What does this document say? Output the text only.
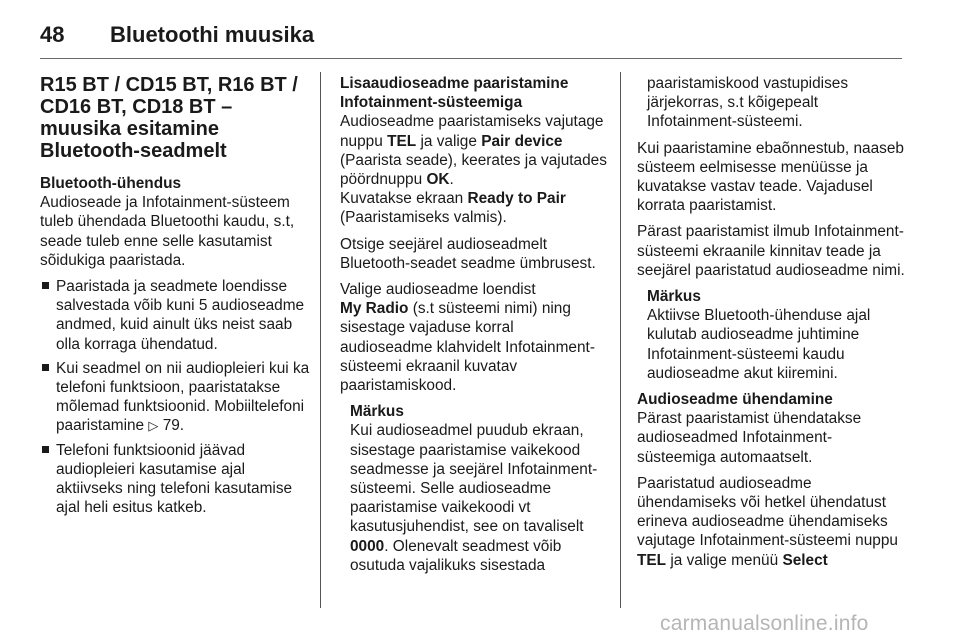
48	Bluetoothi muusika
R15 BT / CD15 BT, R16 BT / CD16 BT, CD18 BT – muusika esitamine Bluetooth-seadmelt

Bluetooth-ühendus
Audioseade ja Infotainment-süsteem tuleb ühendada Bluetoothi kaudu, s.t, seade tuleb enne selle kasutamist sõidukiga paaristada.

Paaristada ja seadmete loendisse salvestada võib kuni 5 audioseadme andmed, kuid ainult üks neist saab olla korraga ühendatud.
Kui seadmel on nii audiopleieri kui ka telefoni funktsioon, paaristatakse mõlemad funktsioonid. Mobiiltelefoni paaristamine ▷ 79.
Telefoni funktsioonid jäävad audiopleieri kasutamise ajal aktiivseks ning telefoni kasutamise ajal heli esitus katkeb.

Lisaaudioseadme paaristamine Infotainment-süsteemiga
Audioseadme paaristamiseks vajutage nuppu TEL ja valige Pair device (Paarista seade), keerates ja vajutades pöördnuppu OK.
Kuvatakse ekraan Ready to Pair (Paaristamiseks valmis).

Otsige seejärel audioseadmelt Bluetooth-seadet seadme ümbrusest.

Valige audioseadme loendist
My Radio (s.t süsteemi nimi) ning sisestage vajaduse korral audioseadme klahvidelt Infotainment-süsteemi ekraanil kuvatav paaristamiskood.

Märkus
Kui audioseadmel puudub ekraan, sisestage paaristamise vaikekood seadmesse ja seejärel Infotainment-süsteemi. Selle audioseadme paaristamise vaikekoodi vt kasutusjuhendist, see on tavaliselt 0000. Olenevalt seadmest võib osutuda vajalikuks sisestada
paaristamiskood vastupidises järjekorras, s.t kõigepealt Infotainment-süsteemi.

Kui paaristamine ebaõnnestub, naaseb süsteem eelmisesse menüüsse ja kuvatakse vastav teade. Vajadusel korrata paaristamist.

Pärast paaristamist ilmub Infotainment-süsteemi ekraanile kinnitav teade ja seejärel paaristatud audioseadme nimi.

Märkus
Aktiivse Bluetooth-ühenduse ajal kulutab audioseadme juhtimine Infotainment-süsteemi kaudu audioseadme akut kiiremini.

Audioseadme ühendamine
Pärast paaristamist ühendatakse audioseadmed Infotainment-süsteemiga automaatselt.

Paaristatud audioseadme ühendamiseks või hetkel ühendatust erineva audioseadme ühendamiseks vajutage Infotainment-süsteemi nuppu TEL ja valige menüü Select

carmanualsonline.info
